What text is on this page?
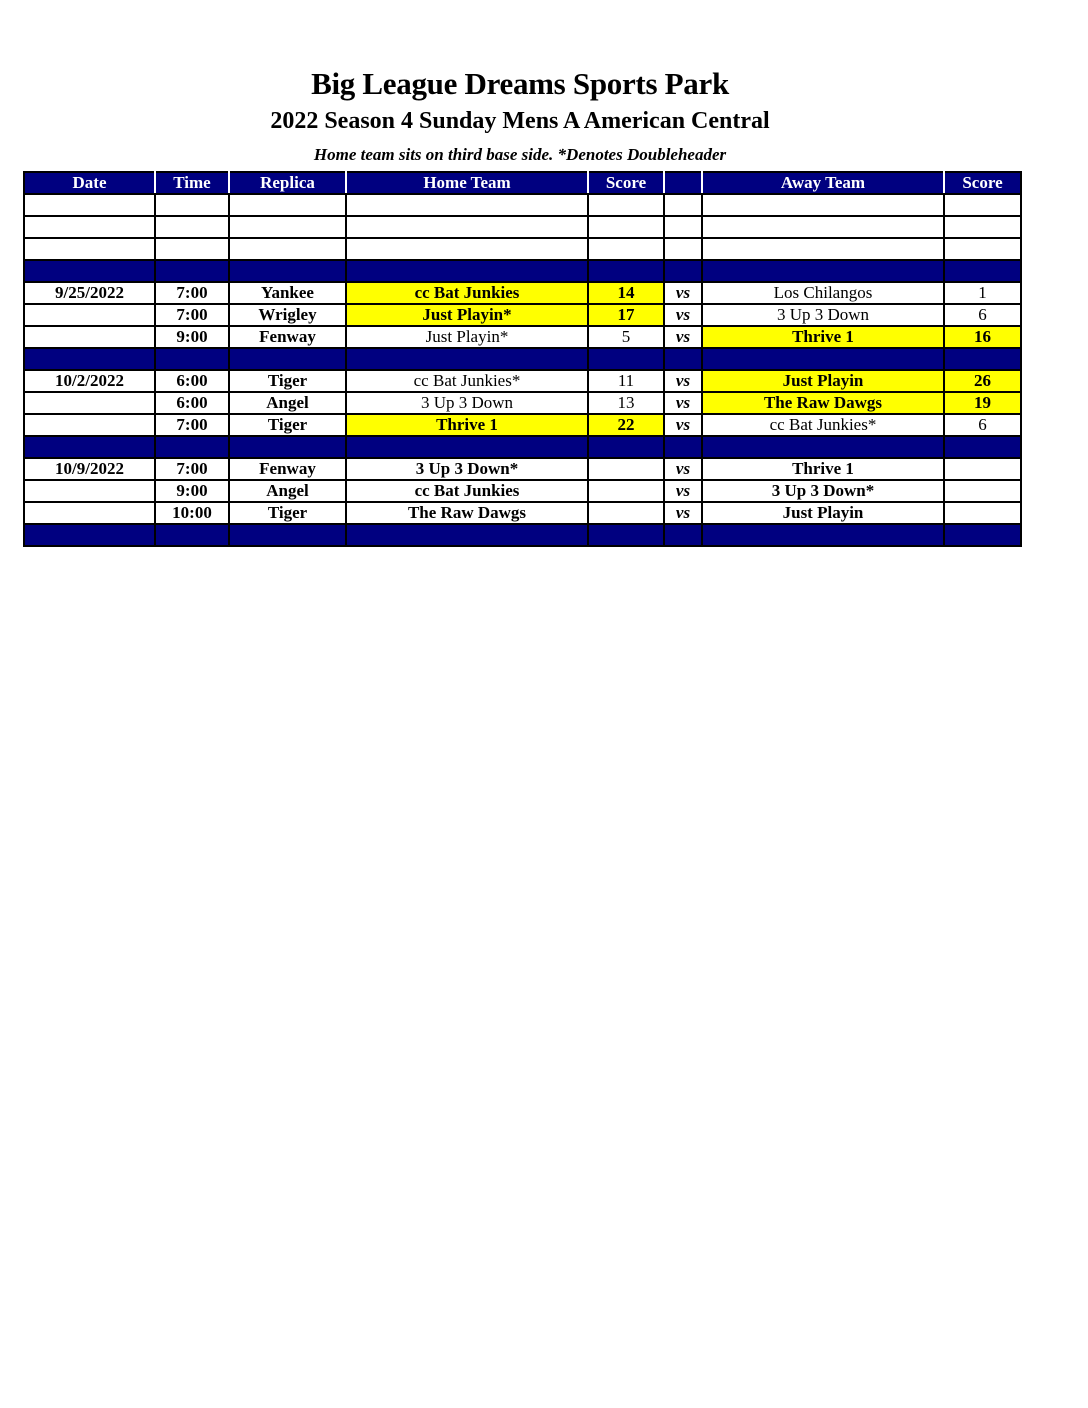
Big League Dreams Sports Park
2022 Season 4 Sunday Mens A American Central
Home team sits on third base side. *Denotes Doubleheader
Date	Time	Replica	Home Team	Score		Away Team	Score

9/25/2022	7:00	Yankee	cc Bat Junkies	14	vs	Los Chilangos	1
	7:00	Wrigley	Just Playin*	17	vs	3 Up 3 Down	6
	9:00	Fenway	Just Playin*	5	vs	Thrive 1	16

10/2/2022	6:00	Tiger	cc Bat Junkies*	11	vs	Just Playin	26
	6:00	Angel	3 Up 3 Down	13	vs	The Raw Dawgs	19
	7:00	Tiger	Thrive 1	22	vs	cc Bat Junkies*	6

10/9/2022	7:00	Fenway	3 Up 3 Down*		vs	Thrive 1	
	9:00	Angel	cc Bat Junkies		vs	3 Up 3 Down*	
	10:00	Tiger	The Raw Dawgs		vs	Just Playin	
